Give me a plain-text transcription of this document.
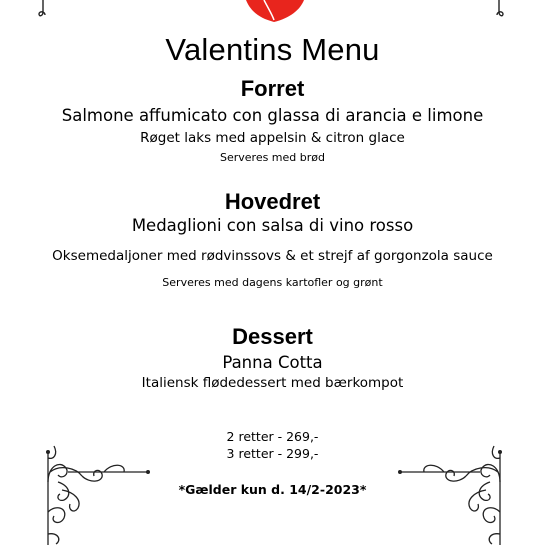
Valentins Menu
Forret
Salmone affumicato con glassa di arancia e limone
Røget laks med appelsin & citron glace
Serveres med brød
Hovedret
Medaglioni con salsa di vino rosso
Oksemedaljoner med rødvinssovs & et strejf af gorgonzola sauce
Serveres med dagens kartofler og grønt
Dessert
Panna Cotta
Italiensk flødedessert med bærkompot
2 retter - 269,-
3 retter - 299,-
*Gælder kun d. 14/2-2023*
